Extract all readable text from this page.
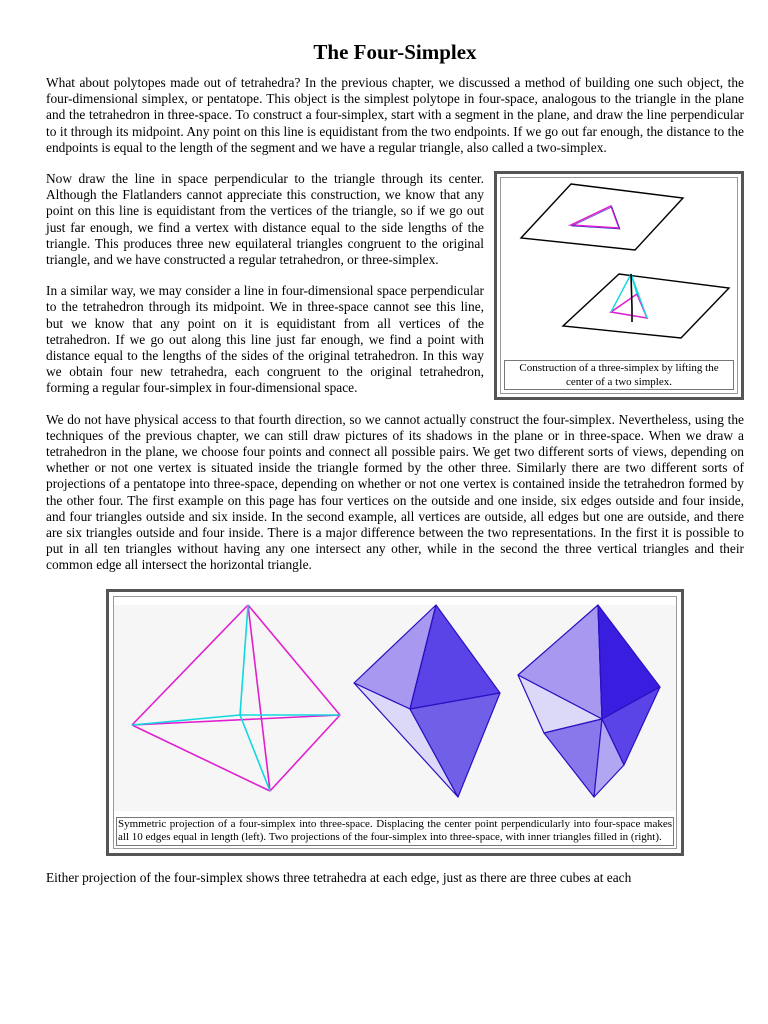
The Four-Simplex

What about polytopes made out of tetrahedra? In the previous chapter, we discussed a method of building one such object, the four-dimensional simplex, or pentatope. This object is the simplest polytope in four-space, analogous to the triangle in the plane and the tetrahedron in three-space. To construct a four-simplex, start with a segment in the plane, and draw the line perpendicular to it through its midpoint. Any point on this line is equidistant from the two endpoints. If we go out far enough, the distance to the endpoints is equal to the length of the segment and we have a regular triangle, also called a two-simplex.

Construction of a three-simplex by lifting the center of a two simplex.

Now draw the line in space perpendicular to the triangle through its center. Although the Flatlanders cannot appreciate this construction, we know that any point on this line is equidistant from the vertices of the triangle, so if we go out just far enough, we find a vertex with distance equal to the side lengths of the triangle. This produces three new equilateral triangles congruent to the original triangle, and we have constructed a regular tetrahedron, or three-simplex.

In a similar way, we may consider a line in four-dimensional space perpendicular to the tetrahedron through its midpoint. We in three-space cannot see this line, but we know that any point on it is equidistant from all vertices of the tetrahedron. If we go out along this line just far enough, we find a point with distance equal to the lengths of the sides of the original tetrahedron. In this way we obtain four new tetrahedra, each congruent to the original tetrahedron, forming a regular four-simplex in four-dimensional space.

We do not have physical access to that fourth direction, so we cannot actually construct the four-simplex. Nevertheless, using the techniques of the previous chapter, we can still draw pictures of its shadows in the plane or in three-space. When we draw a tetrahedron in the plane, we choose four points and connect all possible pairs. We get two different sorts of views, depending on whether or not one vertex is situated inside the triangle formed by the other three. Similarly there are two different sorts of projections of a pentatope into three-space, depending on whether or not one vertex is contained inside the tetrahedron formed by the other four. The first example on this page has four vertices on the outside and one inside, six edges outside and four inside, and four triangles outside and six inside. In the second example, all vertices are outside, all edges but one are outside, and there are six triangles outside and four inside. There is a major difference between the two representations. In the first it is possible to put in all ten triangles without having any one intersect any other, while in the second the three vertical triangles and their common edge all intersect the horizontal triangle.

Symmetric projection of a four-simplex into three-space. Displacing the center point perpendicularly into four-space makes all 10 edges equal in length (left). Two projections of the four-simplex into three-space, with inner triangles filled in (right).

Either projection of the four-simplex shows three tetrahedra at each edge, just as there are three cubes at each
